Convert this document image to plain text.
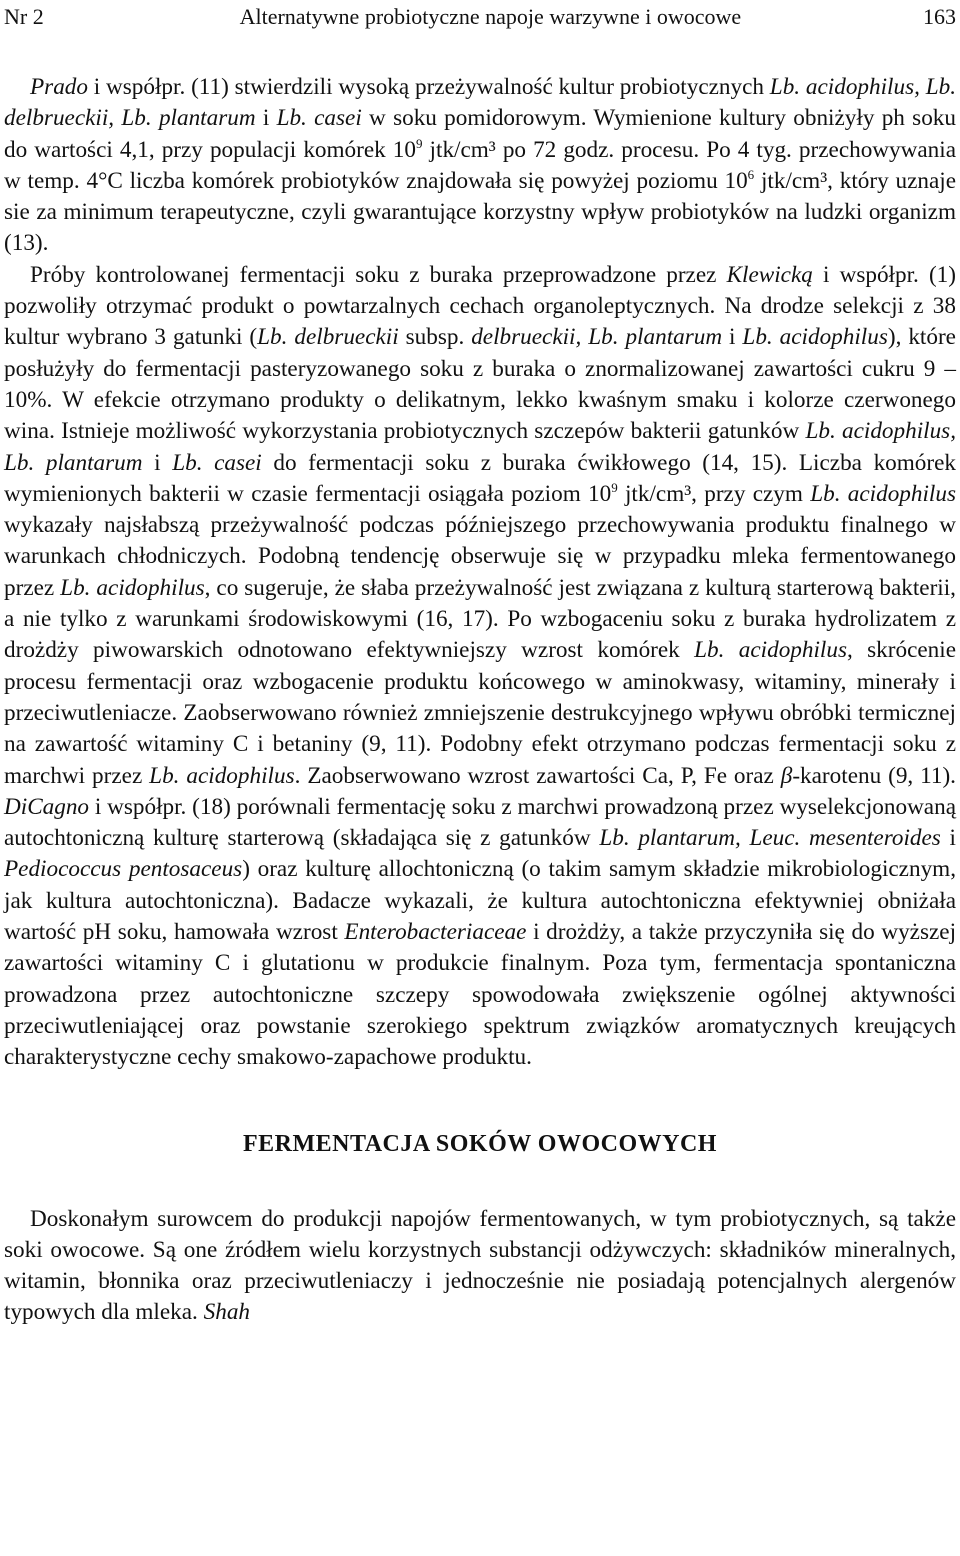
Nr 2	Alternatywne probiotyczne napoje warzywne i owocowe	163

Prado i współpr. (11) stwierdzili wysoką przeżywalność kultur probiotycznych Lb. acidophilus, Lb. delbrueckii, Lb. plantarum i Lb. casei w soku pomidorowym. Wymienione kultury obniżyły ph soku do wartości 4,1, przy populacji komórek $10^9$ jtk/cm³ po 72 godz. procesu. Po 4 tyg. przechowywania w temp. 4°C liczba komórek probiotyków znajdowała się powyżej poziomu $10^6$ jtk/cm³, który uznaje sie za minimum terapeutyczne, czyli gwarantujące korzystny wpływ probiotyków na ludzki organizm (13).

Próby kontrolowanej fermentacji soku z buraka przeprowadzone przez Klewicką i współpr. (1) pozwoliły otrzymać produkt o powtarzalnych cechach organoleptycznych. Na drodze selekcji z 38 kultur wybrano 3 gatunki (Lb. delbrueckii subsp. delbrueckii, Lb. plantarum i Lb. acidophilus), które posłużyły do fermentacji pasteryzowanego soku z buraka o znormalizowanej zawartości cukru 9 – 10%. W efekcie otrzymano produkty o delikatnym, lekko kwaśnym smaku i kolorze czerwonego wina. Istnieje możliwość wykorzystania probiotycznych szczepów bakterii gatunków Lb. acidophilus, Lb. plantarum i Lb. casei do fermentacji soku z buraka ćwikłowego (14, 15). Liczba komórek wymienionych bakterii w czasie fermentacji osiągała poziom $10^9$ jtk/cm³, przy czym Lb. acidophilus wykazały najsłabszą przeżywalność podczas późniejszego przechowywania produktu finalnego w warunkach chłodniczych. Podobną tendencję obserwuje się w przypadku mleka fermentowanego przez Lb. acidophilus, co sugeruje, że słaba przeżywalność jest związana z kulturą starterową bakterii, a nie tylko z warunkami środowiskowymi (16, 17). Po wzbogaceniu soku z buraka hydrolizatem z drożdży piwowarskich odnotowano efektywniejszy wzrost komórek Lb. acidophilus, skrócenie procesu fermentacji oraz wzbogacenie produktu końcowego w aminokwasy, witaminy, minerały i przeciwutleniacze. Zaobserwowano również zmniejszenie destrukcyjnego wpływu obróbki termicznej na zawartość witaminy C i betaniny (9, 11). Podobny efekt otrzymano podczas fermentacji soku z marchwi przez Lb. acidophilus. Zaobserwowano wzrost zawartości Ca, P, Fe oraz β-karotenu (9, 11). DiCagno i współpr. (18) porównali fermentację soku z marchwi prowadzoną przez wyselekcjonowaną autochtoniczną kulturę starterową (składająca się z gatunków Lb. plantarum, Leuc. mesenteroides i Pediococcus pentosaceus) oraz kulturę allochtoniczną (o takim samym składzie mikrobiologicznym, jak kultura autochtoniczna). Badacze wykazali, że kultura autochtoniczna efektywniej obniżała wartość pH soku, hamowała wzrost Enterobacteriaceae i drożdży, a także przyczyniła się do wyższej zawartości witaminy C i glutationu w produkcie finalnym. Poza tym, fermentacja spontaniczna prowadzona przez autochtoniczne szczepy spowodowała zwiększenie ogólnej aktywności przeciwutleniającej oraz powstanie szerokiego spektrum związków aromatycznych kreujących charakterystyczne cechy smakowo-zapachowe produktu.

FERMENTACJA SOKÓW OWOCOWYCH

Doskonałym surowcem do produkcji napojów fermentowanych, w tym probiotycznych, są także soki owocowe. Są one źródłem wielu korzystnych substancji odżywczych: składników mineralnych, witamin, błonnika oraz przeciwutleniaczy i jednocześnie nie posiadają potencjalnych alergenów typowych dla mleka. Shah
